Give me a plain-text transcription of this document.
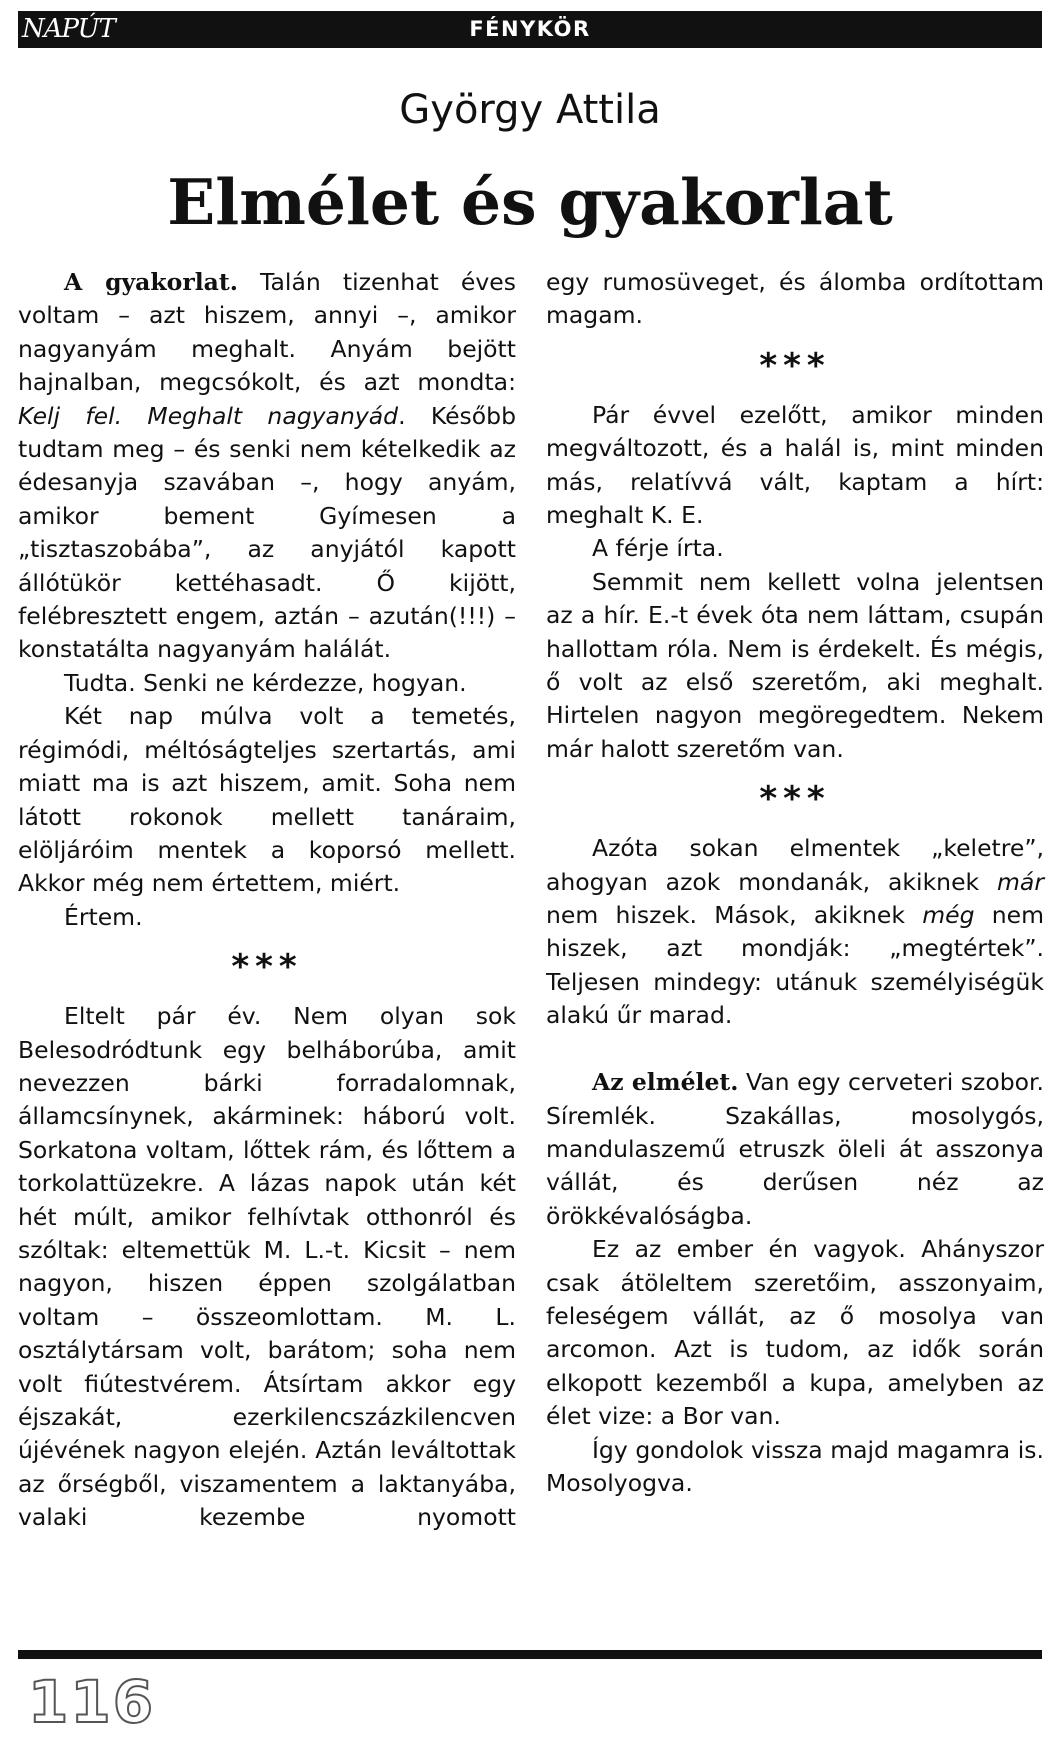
NAPÚT	FÉNYKÖR
György Attila
Elmélet és gyakorlat

A gyakorlat. Talán tizenhat éves voltam – azt hiszem, annyi –, amikor nagyanyám meghalt. Anyám bejött hajnalban, megcsókolt, és azt mondta: Kelj fel. Meghalt nagyanyád. Később tudtam meg – és senki nem kételkedik az édesanyja szavában –, hogy anyám, amikor bement Gyímesen a „tisztaszobába”, az anyjától kapott állótükör kettéhasadt. Ő kijött, felébresztett engem, aztán – azután(!!!) – konstatálta nagyanyám halálát.

Tudta. Senki ne kérdezze, hogyan.

Két nap múlva volt a temetés, régimódi, méltóságteljes szertartás, ami miatt ma is azt hiszem, amit. Soha nem látott rokonok mellett tanáraim, elöljáróim mentek a koporsó mellett. Akkor még nem értettem, miért.

Értem.

***

Eltelt pár év. Nem olyan sok Belesodródtunk egy belháborúba, amit nevezzen bárki forradalomnak, államcsínynek, akárminek: háború volt. Sorkatona voltam, lőttek rám, és lőttem a torkolattüzekre. A lázas napok után két hét múlt, amikor felhívtak otthonról és szóltak: eltemettük M. L.-t. Kicsit – nem nagyon, hiszen éppen szolgálatban voltam – összeomlottam. M. L. osztálytársam volt, barátom; soha nem volt fiútestvérem. Átsírtam akkor egy éjszakát, ezerkilencszázkilencven újévének nagyon elején. Aztán leváltottak az őrségből, viszamentem a laktanyába, valaki kezembe nyomott

egy rumosüveget, és álomba ordítottam magam.

***

Pár évvel ezelőtt, amikor minden megváltozott, és a halál is, mint minden más, relatívvá vált, kaptam a hírt: meghalt K. E.

A férje írta.

Semmit nem kellett volna jelentsen az a hír. E.-t évek óta nem láttam, csupán hallottam róla. Nem is érdekelt. És mégis, ő volt az első szeretőm, aki meghalt. Hirtelen nagyon megöregedtem. Nekem már halott szeretőm van.

***

Azóta sokan elmentek „keletre”, ahogyan azok mondanák, akiknek már nem hiszek. Mások, akiknek még nem hiszek, azt mondják: „megtértek”. Teljesen mindegy: utánuk személyiségük alakú űr marad.

Az elmélet. Van egy cerveteri szobor. Síremlék. Szakállas, mosolygós, mandulaszemű etruszk öleli át asszonya vállát, és derűsen néz az örökkévalóságba.

Ez az ember én vagyok. Ahányszor csak átöleltem szeretőim, asszonyaim, feleségem vállát, az ő mosolya van arcomon. Azt is tudom, az idők során elkopott kezemből a kupa, amelyben az élet vize: a Bor van.

Így gondolok vissza majd magamra is. Mosolyogva.

116
